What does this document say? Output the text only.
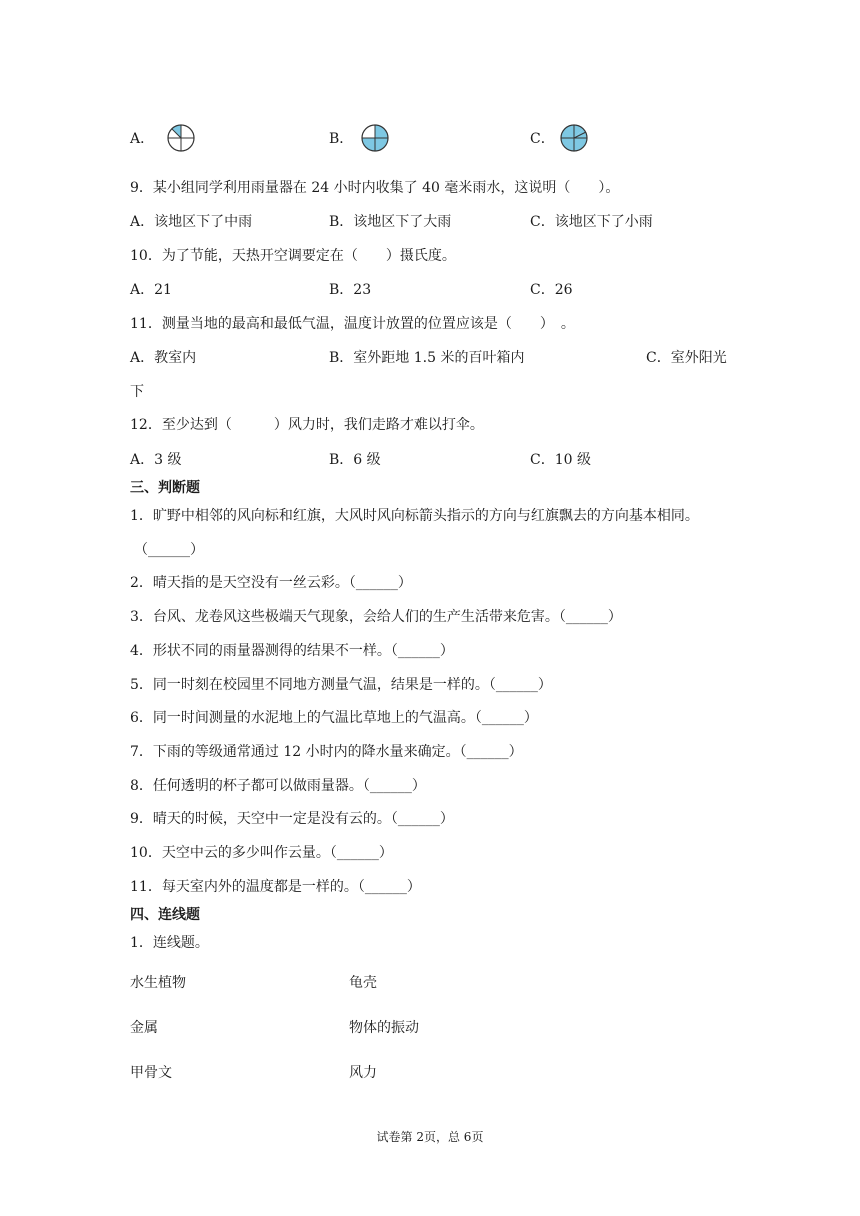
A．	B．	C．
9．某小组同学利用雨量器在 24 小时内收集了 40 毫米雨水，这说明（　　）。
A．该地区下了中雨	B．该地区下了大雨	C．该地区下了小雨
10．为了节能，天热开空调要定在（　　）摄氏度。
A．21	B．23	C．26
11．测量当地的最高和最低气温，温度计放置的位置应该是（　　）　。
A．教室内	B．室外距地 1.5 米的百叶箱内	C．室外阳光
下
12．至少达到（　　　）风力时，我们走路才难以打伞。
A．3 级	B．6 级	C．10 级
三、判断题
1．旷野中相邻的风向标和红旗，大风时风向标箭头指示的方向与红旗飘去的方向基本相同。
（______）
2．晴天指的是天空没有一丝云彩。（______）
3．台风、龙卷风这些极端天气现象，会给人们的生产生活带来危害。（______）
4．形状不同的雨量器测得的结果不一样。（______）
5．同一时刻在校园里不同地方测量气温，结果是一样的。（______）
6．同一时间测量的水泥地上的气温比草地上的气温高。（______）
7．下雨的等级通常通过 12 小时内的降水量来确定。（______）
8．任何透明的杯子都可以做雨量器。（______）
9．晴天的时候，天空中一定是没有云的。（______）
10．天空中云的多少叫作云量。（______）
11．每天室内外的温度都是一样的。（______）
四、连线题
1．连线题。
水生植物	龟壳
金属	物体的振动
甲骨文	风力
试卷第 2页，总 6页
